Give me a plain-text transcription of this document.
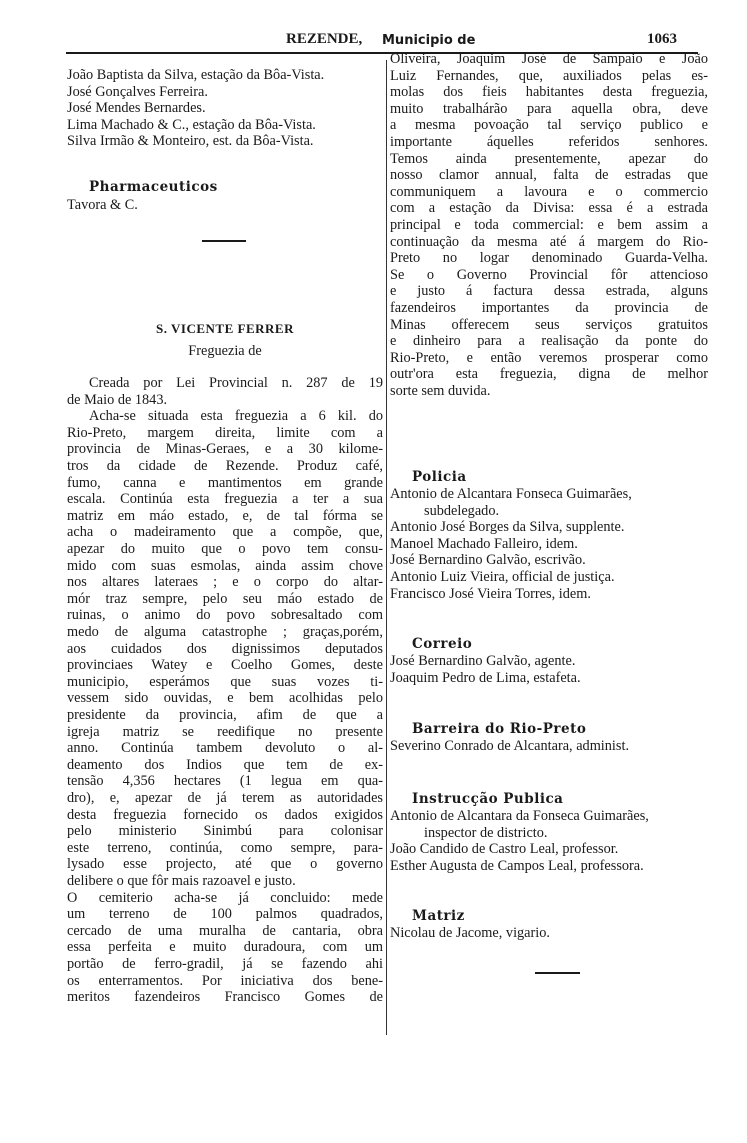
REZENDE, Municipio de	1063
João Baptista da Silva, estação da Bôa-Vista.
José Gonçalves Ferreira.
José Mendes Bernardes.
Lima Machado & C., estação da Bôa-Vista.
Silva Irmão & Monteiro, est. da Bôa-Vista.
Pharmaceuticos
Tavora & C.
S. VICENTE FERRER
Freguezia de
Creada por Lei Provincial n. 287 de 19
de Maio de 1843.
Acha-se situada esta freguezia a 6 kil. do
Rio-Preto, margem direita, limite com a
provincia de Minas-Geraes, e a 30 kilome-
tros da cidade de Rezende. Produz café,
fumo, canna e mantimentos em grande
escala. Continúa esta freguezia a ter a sua
matriz em máo estado, e, de tal fórma se
acha o madeiramento que a compõe, que,
apezar do muito que o povo tem consu-
mido com suas esmolas, ainda assim chove
nos altares lateraes ; e o corpo do altar-
mór traz sempre, pelo seu máo estado de
ruinas, o animo do povo sobresaltado com
medo de alguma catastrophe ; graças,porém,
aos cuidados dos dignissimos deputados
provinciaes Watey e Coelho Gomes, deste
municipio, esperámos que suas vozes ti-
vessem sido ouvidas, e bem acolhidas pelo
presidente da provincia, afim de que a
igreja matriz se reedifique no presente
anno. Continúa tambem devoluto o al-
deamento dos Indios que tem de ex-
tensão 4,356 hectares (1 legua em qua-
dro), e, apezar de já terem as autoridades
desta freguezia fornecido os dados exigidos
pelo ministerio Sinimbú para colonisar
este terreno, continúa, como sempre, para-
lysado esse projecto, até que o governo
delibere o que fôr mais razoavel e justo.
O cemiterio acha-se já concluido: mede
um terreno de 100 palmos quadrados,
cercado de uma muralha de cantaria, obra
essa perfeita e muito duradoura, com um
portão de ferro-gradil, já se fazendo ahi
os enterramentos. Por iniciativa dos bene-
meritos fazendeiros Francisco Gomes de
Oliveira, Joaquim José de Sampaio e João
Luiz Fernandes, que, auxiliados pelas es-
molas dos fieis habitantes desta freguezia,
muito trabalhárão para aquella obra, deve
a mesma povoação tal serviço publico e
importante áquelles referidos senhores.
Temos ainda presentemente, apezar do
nosso clamor annual, falta de estradas que
communiquem a lavoura e o commercio
com a estação da Divisa: essa é a estrada
principal e toda commercial: e bem assim a
continuação da mesma até á margem do Rio-
Preto no logar denominado Guarda-Velha.
Se o Governo Provincial fôr attencioso
e justo á factura dessa estrada, alguns
fazendeiros importantes da provincia de
Minas offerecem seus serviços gratuitos
e dinheiro para a realisação da ponte do
Rio-Preto, e então veremos prosperar como
outr'ora esta freguezia, digna de melhor
sorte sem duvida.
Policia
Antonio de Alcantara Fonseca Guimarães,
subdelegado.
Antonio José Borges da Silva, supplente.
Manoel Machado Falleiro, idem.
José Bernardino Galvão, escrivão.
Antonio Luiz Vieira, official de justiça.
Francisco José Vieira Torres, idem.
Correio
José Bernardino Galvão, agente.
Joaquim Pedro de Lima, estafeta.
Barreira do Rio-Preto
Severino Conrado de Alcantara, administ.
Instrucção Publica
Antonio de Alcantara da Fonseca Guimarães,
inspector de districto.
João Candido de Castro Leal, professor.
Esther Augusta de Campos Leal, professora.
Matriz
Nicolau de Jacome, vigario.
